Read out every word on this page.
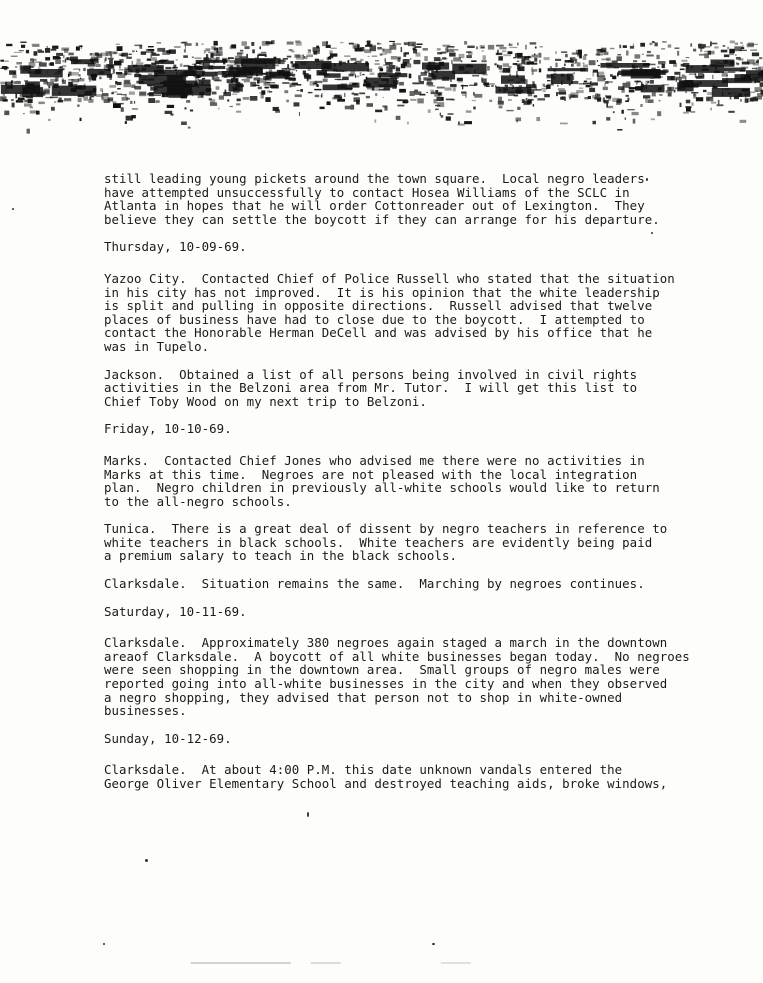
still leading young pickets around the town square.  Local negro leaders
have attempted unsuccessfully to contact Hosea Williams of the SCLC in
Atlanta in hopes that he will order Cottonreader out of Lexington.  They
believe they can settle the boycott if they can arrange for his departure.
Thursday, 10-09-69.
Yazoo City.  Contacted Chief of Police Russell who stated that the situation
in his city has not improved.  It is his opinion that the white leadership
is split and pulling in opposite directions.  Russell advised that twelve
places of business have had to close due to the boycott.  I attempted to
contact the Honorable Herman DeCell and was advised by his office that he
was in Tupelo.
Jackson.  Obtained a list of all persons being involved in civil rights
activities in the Belzoni area from Mr. Tutor.  I will get this list to
Chief Toby Wood on my next trip to Belzoni.
Friday, 10-10-69.
Marks.  Contacted Chief Jones who advised me there were no activities in
Marks at this time.  Negroes are not pleased with the local integration
plan.  Negro children in previously all-white schools would like to return
to the all-negro schools.
Tunica.  There is a great deal of dissent by negro teachers in reference to
white teachers in black schools.  White teachers are evidently being paid
a premium salary to teach in the black schools.
Clarksdale.  Situation remains the same.  Marching by negroes continues.
Saturday, 10-11-69.
Clarksdale.  Approximately 380 negroes again staged a march in the downtown
areaof Clarksdale.  A boycott of all white businesses began today.  No negroes
were seen shopping in the downtown area.  Small groups of negro males were
reported going into all-white businesses in the city and when they observed
a negro shopping, they advised that person not to shop in white-owned
businesses.
Sunday, 10-12-69.
Clarksdale.  At about 4:00 P.M. this date unknown vandals entered the
George Oliver Elementary School and destroyed teaching aids, broke windows,
